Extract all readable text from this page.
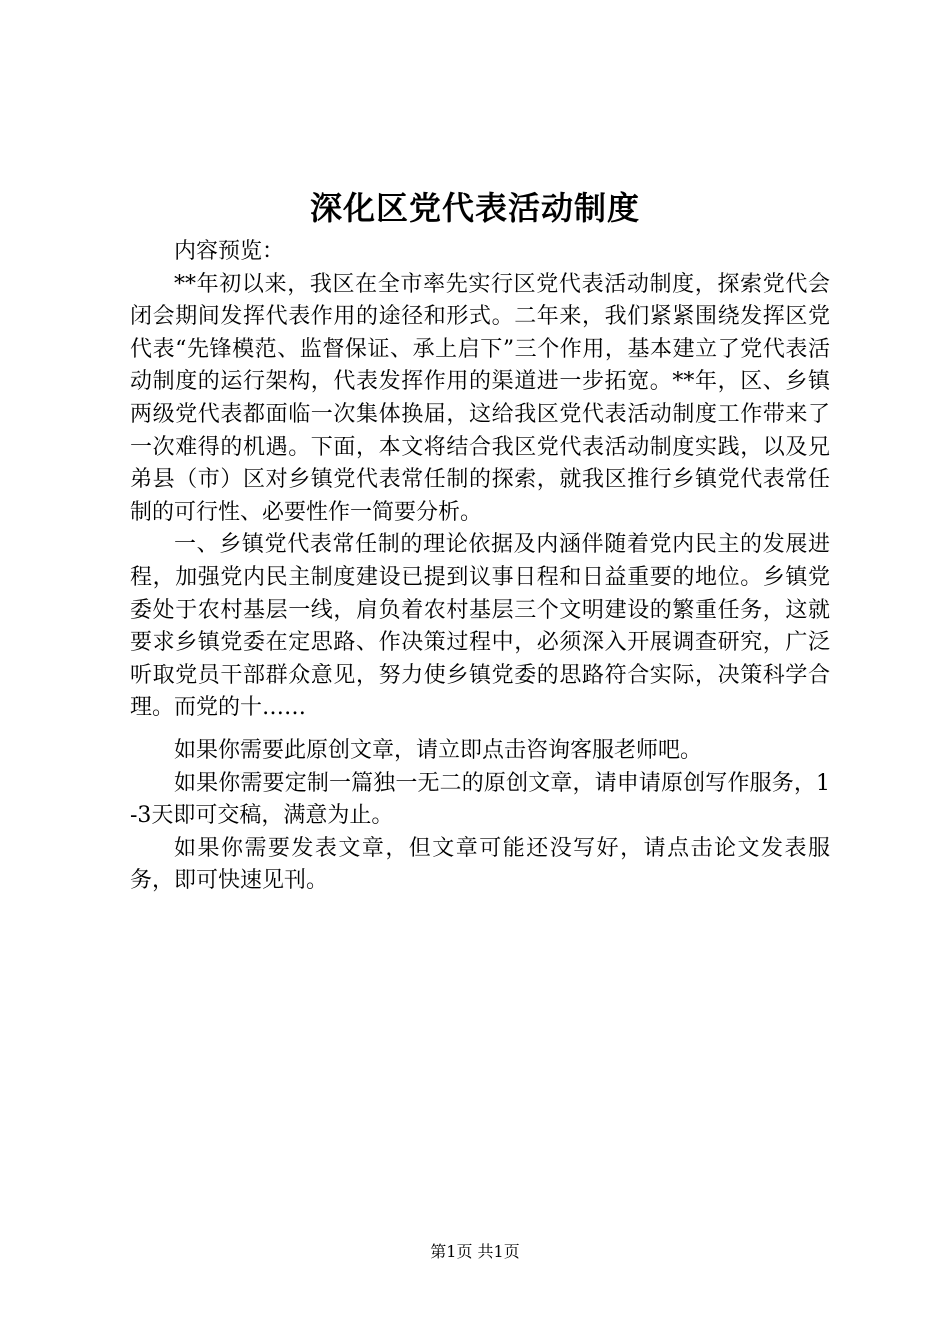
深化区党代表活动制度

内容预览：

**年初以来，我区在全市率先实行区党代表活动制度，探索党代会闭会期间发挥代表作用的途径和形式。二年来，我们紧紧围绕发挥区党代表“先锋模范、监督保证、承上启下”三个作用，基本建立了党代表活动制度的运行架构，代表发挥作用的渠道进一步拓宽。**年，区、乡镇两级党代表都面临一次集体换届，这给我区党代表活动制度工作带来了一次难得的机遇。下面，本文将结合我区党代表活动制度实践，以及兄弟县（市）区对乡镇党代表常任制的探索，就我区推行乡镇党代表常任制的可行性、必要性作一简要分析。

一、乡镇党代表常任制的理论依据及内涵伴随着党内民主的发展进程，加强党内民主制度建设已提到议事日程和日益重要的地位。乡镇党委处于农村基层一线，肩负着农村基层三个文明建设的繁重任务，这就要求乡镇党委在定思路、作决策过程中，必须深入开展调查研究，广泛听取党员干部群众意见，努力使乡镇党委的思路符合实际，决策科学合理。而党的十……

如果你需要此原创文章，请立即点击咨询客服老师吧。

如果你需要定制一篇独一无二的原创文章，请申请原创写作服务，1-3天即可交稿，满意为止。

如果你需要发表文章，但文章可能还没写好，请点击论文发表服务，即可快速见刊。

第1页 共1页
